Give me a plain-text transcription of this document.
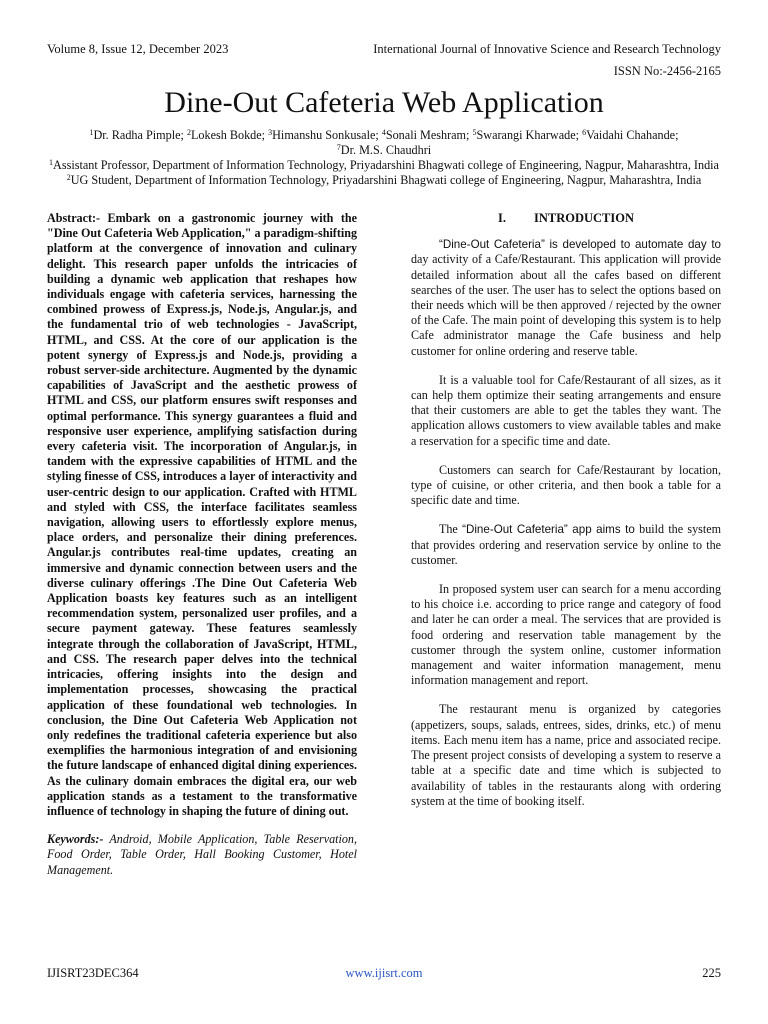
Volume 8, Issue 12, December 2023	International Journal of Innovative Science and Research Technology
ISSN No:-2456-2165
Dine-Out Cafeteria Web Application
$^1$Dr. Radha Pimple; $^2$Lokesh Bokde; $^3$Himanshu Sonkusale; $^4$Sonali Meshram; $^5$Swarangi Kharwade; $^6$Vaidahi Chahande;
$^7$Dr. M.S. Chaudhri
$^1$Assistant Professor, Department of Information Technology, Priyadarshini Bhagwati college of Engineering, Nagpur, Maharashtra, India
$^2$UG Student, Department of Information Technology, Priyadarshini Bhagwati college of Engineering, Nagpur, Maharashtra, India

Abstract:- Embark on a gastronomic journey with the "Dine Out Cafeteria Web Application," a paradigm-shifting platform at the convergence of innovation and culinary delight. This research paper unfolds the intricacies of building a dynamic web application that reshapes how individuals engage with cafeteria services, harnessing the combined prowess of Express.js, Node.js, Angular.js, and the fundamental trio of web technologies - JavaScript, HTML, and CSS. At the core of our application is the potent synergy of Express.js and Node.js, providing a robust server-side architecture. Augmented by the dynamic capabilities of JavaScript and the aesthetic prowess of HTML and CSS, our platform ensures swift responses and optimal performance. This synergy guarantees a fluid and responsive user experience, amplifying satisfaction during every cafeteria visit. The incorporation of Angular.js, in tandem with the expressive capabilities of HTML and the styling finesse of CSS, introduces a layer of interactivity and user-centric design to our application. Crafted with HTML and styled with CSS, the interface facilitates seamless navigation, allowing users to effortlessly explore menus, place orders, and personalize their dining preferences. Angular.js contributes real-time updates, creating an immersive and dynamic connection between users and the diverse culinary offerings .The Dine Out Cafeteria Web Application boasts key features such as an intelligent recommendation system, personalized user profiles, and a secure payment gateway. These features seamlessly integrate through the collaboration of JavaScript, HTML, and CSS. The research paper delves into the technical intricacies, offering insights into the design and implementation processes, showcasing the practical application of these foundational web technologies. In conclusion, the Dine Out Cafeteria Web Application not only redefines the traditional cafeteria experience but also exemplifies the harmonious integration of and envisioning the future landscape of enhanced digital dining experiences. As the culinary domain embraces the digital era, our web application stands as a testament to the transformative influence of technology in shaping the future of dining out.

Keywords:- Android, Mobile Application, Table Reservation, Food Order, Table Order, Hall Booking Customer, Hotel Management.

I. INTRODUCTION

“Dine-Out Cafeteria” is developed to automate day to day activity of a Cafe/Restaurant. This application will provide detailed information about all the cafes based on different searches of the user. The user has to select the options based on their needs which will be then approved / rejected by the owner of the Cafe. The main point of developing this system is to help Cafe administrator manage the Cafe business and help customer for online ordering and reserve table.

It is a valuable tool for Cafe/Restaurant of all sizes, as it can help them optimize their seating arrangements and ensure that their customers are able to get the tables they want. The application allows customers to view available tables and make a reservation for a specific time and date.

Customers can search for Cafe/Restaurant by location, type of cuisine, or other criteria, and then book a table for a specific date and time.

The “Dine-Out Cafeteria” app aims to build the system that provides ordering and reservation service by online to the customer.

In proposed system user can search for a menu according to his choice i.e. according to price range and category of food and later he can order a meal. The services that are provided is food ordering and reservation table management by the customer through the system online, customer information management and waiter information management, menu information management and report.

The restaurant menu is organized by categories (appetizers, soups, salads, entrees, sides, drinks, etc.) of menu items. Each menu item has a name, price and associated recipe. The present project consists of developing a system to reserve a table at a specific date and time which is subjected to availability of tables in the restaurants along with ordering system at the time of booking itself.

IJISRT23DEC364	www.ijisrt.com	225
